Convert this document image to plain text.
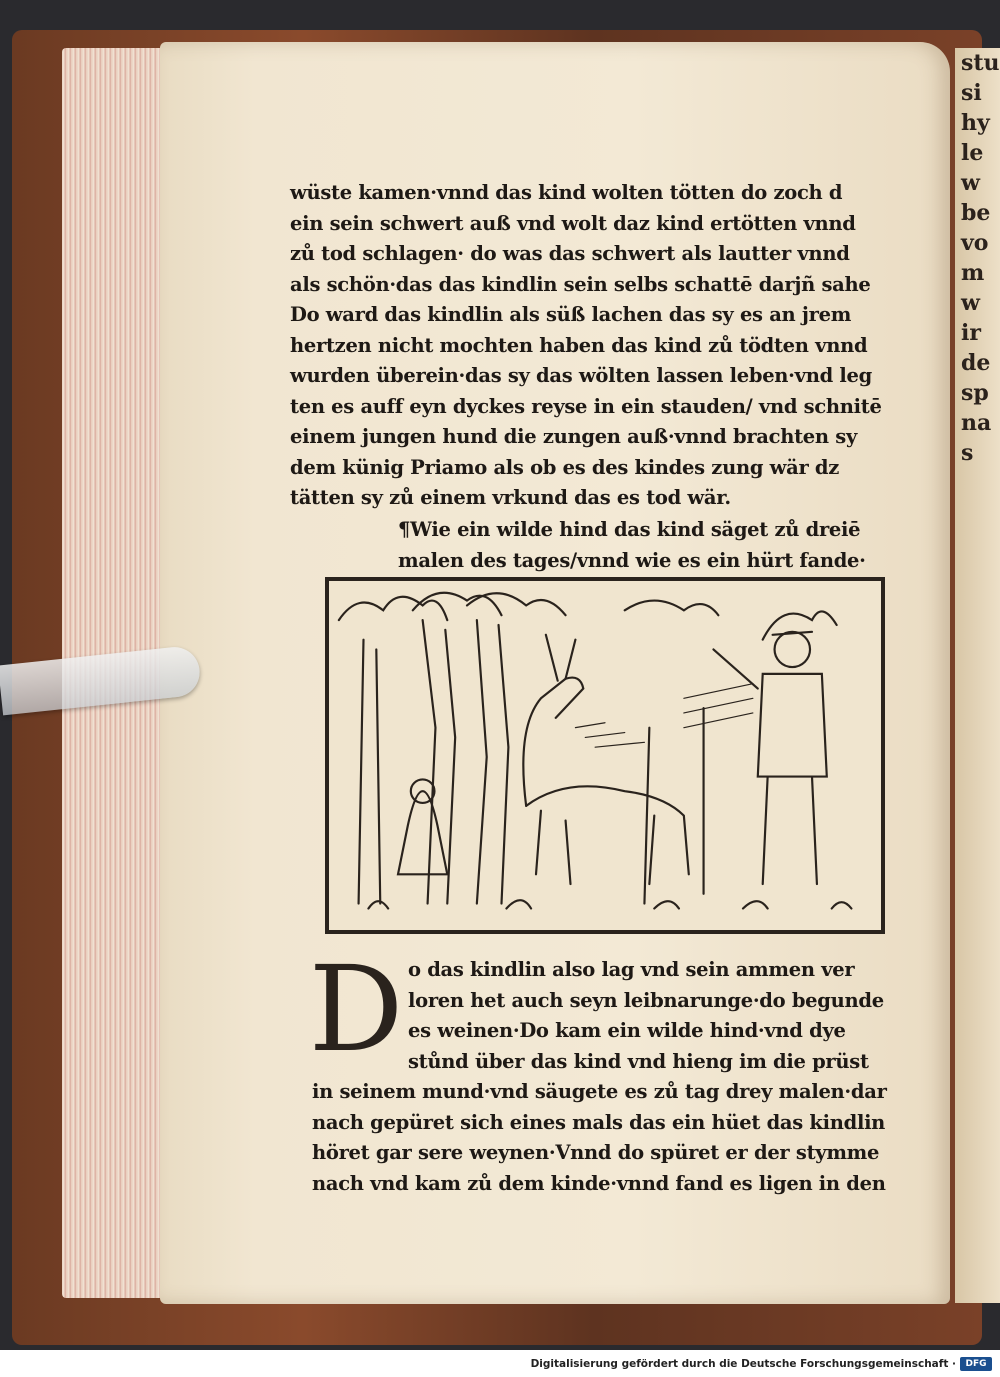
stu
si
hy
le
w
be
vo
m
w
ir
de
sp
na
s
wüste kamen·vnnd das kind wolten tötten do zoch d
ein sein schwert auß vnd wolt daz kind ertötten vnnd
zů tod schlagen· do was das schwert als lautter vnnd
als schön·das das kindlin sein selbs schattē darjñ sahe
Do ward das kindlin als süß lachen das sy es an jrem
hertzen nicht mochten haben das kind zů tödten vnnd
wurden überein·das sy das wölten lassen leben·vnd leg
ten es auff eyn dyckes reyse in ein stauden/ vnd schnitē
einem jungen hund die zungen auß·vnnd brachten sy
dem künig Priamo als ob es des kindes zung wär dz
tätten sy zů einem vrkund das es tod wär.
¶Wie ein wilde hind das kind säget zů dreiē
malen des tages/vnnd wie es ein hürt fande·
D o das kindlin also lag vnd sein ammen ver
loren het auch seyn leibnarunge·do begunde
es weinen·Do kam ein wilde hind·vnd dye
stůnd über das kind vnd hieng im die prüst
in seinem mund·vnd säugete es zů tag drey malen·dar
nach gepüret sich eines mals das ein hüet das kindlin
höret gar sere weynen·Vnnd do spüret er der stymme
nach vnd kam zů dem kinde·vnnd fand es ligen in den
Digitalisierung gefördert durch die Deutsche Forschungsgemeinschaft ·	DFG
